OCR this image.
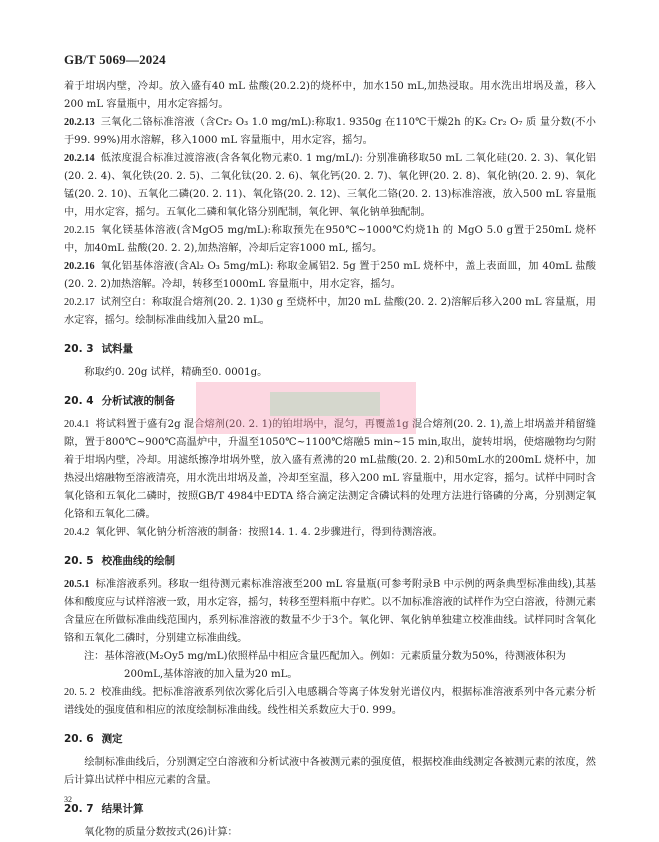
GB/T 5069—2024

着于坩埚内壁，冷却。放入盛有40 mL 盐酸(20.2.2)的烧杯中，加水150 mL,加热浸取。用水洗出坩埚及盖，移入200 mL 容量瓶中，用水定容摇匀。

20.2.13 三氧化二铬标准溶液（含Cr₂ O₃ 1.0 mg/mL):称取1. 9350g 在110℃干燥2h 的K₂ Cr₂ O₇ 质 量分数(不小于99. 99%)用水溶解，移入1000 mL 容量瓶中，用水定容，摇匀。

20.2.14 低浓度混合标准过渡溶液(含各氧化物元素0. 1 mg/mL/): 分别准确移取50 mL 二氧化硅(20. 2. 3)、氧化铝(20. 2. 4)、氧化铁(20. 2. 5)、二氧化钛(20. 2. 6)、氧化钙(20. 2. 7)、氧化钾(20. 2. 8)、氧化钠(20. 2. 9)、氧化锰(20. 2. 10)、五氧化二磷(20. 2. 11)、氧化铬(20. 2. 12)、三氧化二铬(20. 2. 13)标准溶液，放入500 mL 容量瓶中，用水定容，摇匀。五氧化二磷和氧化铬分别配制，氧化钾、氧化钠单独配制。

20.2.15 氧化镁基体溶液(含MgO5 mg/mL):称取预先在950℃~1000℃灼烧1h 的 MgO 5.0 g置于250mL 烧杯中，加40mL 盐酸(20. 2. 2),加热溶解，冷却后定容1000 mL, 摇匀。

20.2.16 氧化铝基体溶液(含Al₂ O₃ 5mg/mL): 称取金属铝2. 5g 置于250 mL 烧杯中，盖上表面皿，加 40mL 盐酸(20. 2. 2)加热溶解。冷却，转移至1000mL 容量瓶中，用水定容，摇匀。

20.2.17 试剂空白：称取混合熔剂(20. 2. 1)30 g 至烧杯中，加20 mL 盐酸(20. 2. 2)溶解后移入200 mL 容量瓶，用水定容，摇匀。绘制标准曲线加入量20 mL。

20. 3 试料量

称取约0. 20g 试样，精确至0. 0001g。

20. 4 分析试液的制备

20.4.1 将试料置于盛有2g 混合熔剂(20. 2. 1)的铂坩埚中，混匀，再覆盖1g 混合熔剂(20. 2. 1),盖上坩埚盖并稍留缝隙，置于800℃~900℃高温炉中，升温至1050℃~1100℃熔融5 min~15 min,取出，旋转坩埚，使熔融物均匀附着于坩埚内壁，冷却。用滤纸擦净坩埚外壁，放入盛有煮沸的20 mL盐酸(20. 2. 2)和50mL水的200mL 烧杯中，加热浸出熔融物至溶液清亮，用水洗出坩埚及盖，冷却至室温，移入200 mL 容量瓶中，用水定容，摇匀。试样中同时含氧化铬和五氧化二磷时，按照GB/T 4984中EDTA 络合滴定法测定含磷试料的处理方法进行铬磷的分离，分别测定氧化铬和五氧化二磷。

20.4.2 氧化钾、氧化钠分析溶液的制备：按照14. 1. 4. 2步骤进行，得到待测溶液。

20. 5 校准曲线的绘制

20.5.1 标准溶液系列。移取一组待测元素标准溶液至200 mL 容量瓶(可参考附录B 中示例的两条典型标准曲线),其基体和酸度应与试样溶液一致，用水定容，摇匀，转移至塑料瓶中存贮。以不加标准溶液的试样作为空白溶液，待测元素含量应在所做标准曲线范围内，系列标准溶液的数量不少于3个。氧化钾、氧化钠单独建立校准曲线。试样同时含氧化铬和五氧化二磷时，分别建立标准曲线。

注：基体溶液(M₂Oy5 mg/mL)依照样品中相应含量匹配加入。例如：元素质量分数为50%，待测液体积为

200mL,基体溶液的加入量为20 mL。

20. 5. 2 校准曲线。把标准溶液系列依次雾化后引入电感耦合等离子体发射光谱仪内，根据标准溶液系列中各元素分析谱线处的强度值和相应的浓度绘制标准曲线。线性相关系数应大于0. 999。

20. 6 测定

绘制标准曲线后，分别测定空白溶液和分析试液中各被测元素的强度值，根据校准曲线测定各被测元素的浓度，然后计算出试样中相应元素的含量。

20. 7 结果计算

氧化物的质量分数按式(26)计算：

32
